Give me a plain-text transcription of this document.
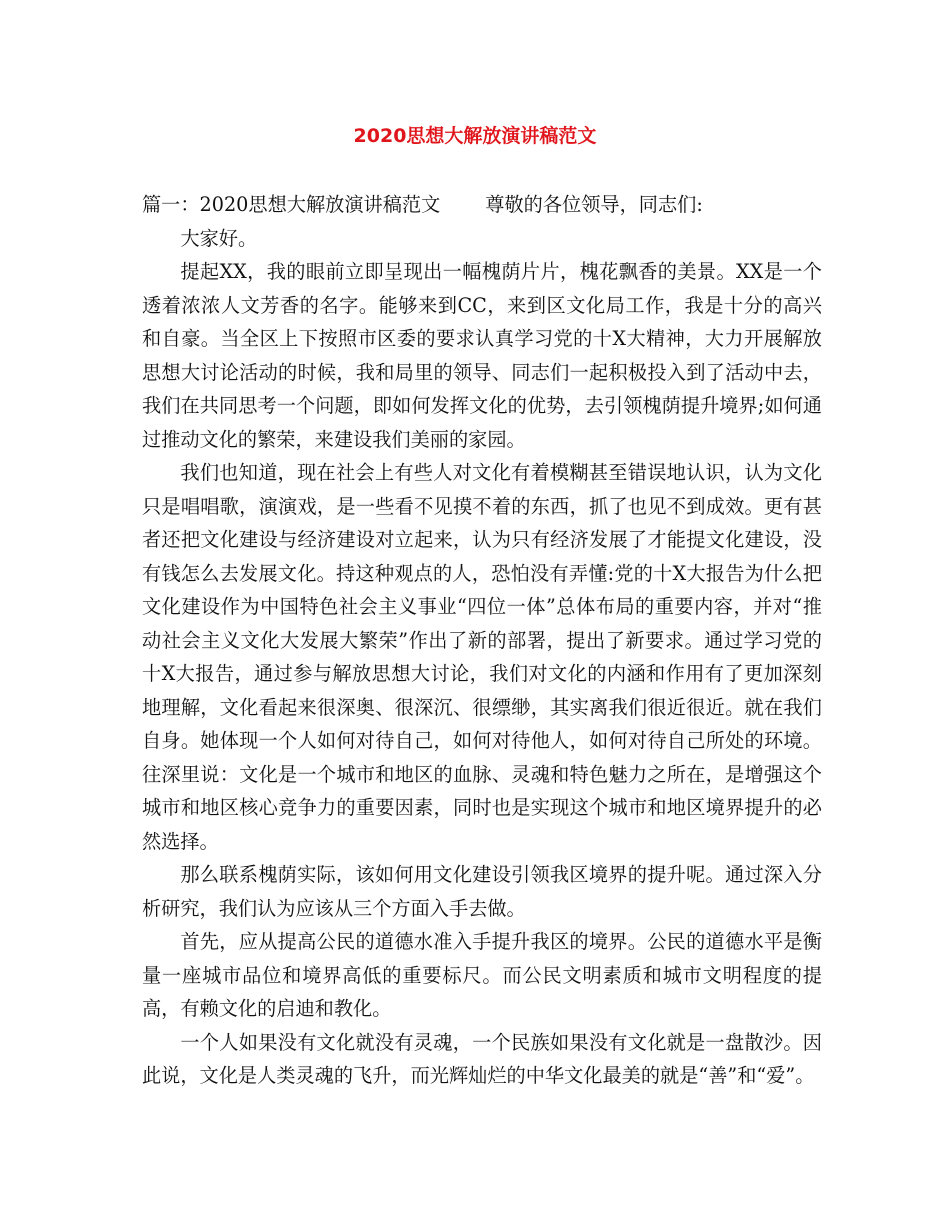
2020思想大解放演讲稿范文

篇一：2020思想大解放演讲稿范文 尊敬的各位领导，同志们:

大家好。

提起XX，我的眼前立即呈现出一幅槐荫片片，槐花飘香的美景。XX是一个透着浓浓人文芳香的名字。能够来到CC，来到区文化局工作，我是十分的高兴和自豪。当全区上下按照市区委的要求认真学习党的十X大精神，大力开展解放思想大讨论活动的时候，我和局里的领导、同志们一起积极投入到了活动中去，我们在共同思考一个问题，即如何发挥文化的优势，去引领槐荫提升境界;如何通过推动文化的繁荣，来建设我们美丽的家园。

我们也知道，现在社会上有些人对文化有着模糊甚至错误地认识，认为文化只是唱唱歌，演演戏，是一些看不见摸不着的东西，抓了也见不到成效。更有甚者还把文化建设与经济建设对立起来，认为只有经济发展了才能提文化建设，没有钱怎么去发展文化。持这种观点的人，恐怕没有弄懂:党的十X大报告为什么把文化建设作为中国特色社会主义事业“四位一体”总体布局的重要内容，并对“推动社会主义文化大发展大繁荣”作出了新的部署，提出了新要求。通过学习党的十X大报告，通过参与解放思想大讨论，我们对文化的内涵和作用有了更加深刻地理解，文化看起来很深奥、很深沉、很缥缈，其实离我们很近很近。就在我们自身。她体现一个人如何对待自己，如何对待他人，如何对待自己所处的环境。往深里说：文化是一个城市和地区的血脉、灵魂和特色魅力之所在，是增强这个城市和地区核心竞争力的重要因素，同时也是实现这个城市和地区境界提升的必然选择。

那么联系槐荫实际，该如何用文化建设引领我区境界的提升呢。通过深入分析研究，我们认为应该从三个方面入手去做。

首先，应从提高公民的道德水准入手提升我区的境界。公民的道德水平是衡量一座城市品位和境界高低的重要标尺。而公民文明素质和城市文明程度的提高，有赖文化的启迪和教化。

一个人如果没有文化就没有灵魂，一个民族如果没有文化就是一盘散沙。因此说，文化是人类灵魂的飞升，而光辉灿烂的中华文化最美的就是“善”和“爱”。
